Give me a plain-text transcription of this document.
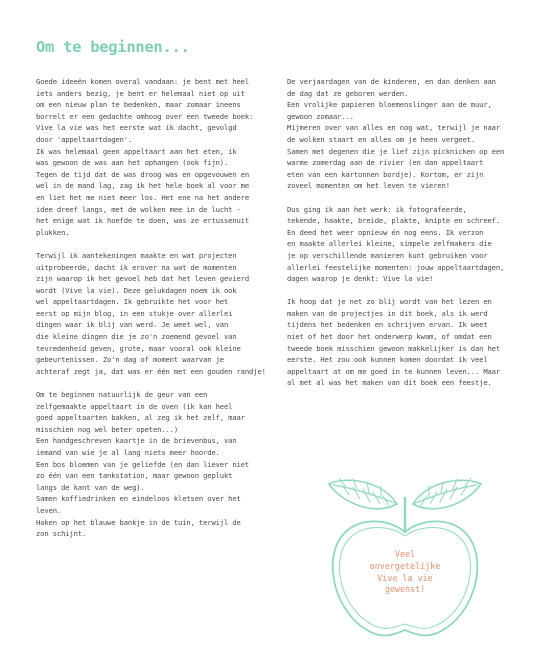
Om te beginnen...
Goede ideeën komen overal vandaan: je bent met heel
iets anders bezig, je bent er helemaal niet op uit
om een nieuw plan te bedenken, maar zomaar ineens
borrelt er een gedachte omhoog over een tweede boek:
Vive la vie was het eerste wat ik dacht, gevolgd
door 'appeltaartdagen'.
Ik was helemaal geen appeltaart aan het eten, ik
was gewoon de was aan het ophangen (ook fijn).
Tegen de tijd dat de was droog was en opgevouwen en
wel in de mand lag, zag ik het hele boek al voor me
en liet het me niet meer los. Het ene na het andere
idee dreef langs, met de wolken mee in de lucht -
het enige wat ik hoefde te doen, was ze ertussenuit
plukken.
Terwijl ik aantekeningen maakte en wat projecten
uitprobeerde, dacht ik erover na wat de momenten
zijn waarop ik het gevoel heb dat het leven gevierd
wordt (Vive la vie). Deze gelukdagen noem ik ook
wel appeltaartdagen. Ik gebruikte het voor het
eerst op mijn blog, in een stukje over allerlei
dingen waar ik blij van werd. Je weet wel, van
die kleine dingen die je zo'n zoemend gevoel van
tevredenheid geven, grote, maar vooral ook kleine
gebeurtenissen. Zo'n dag of moment waarvan je
achteraf zegt ja, dat was er één met een gouden randje!
Om te beginnen natuurlijk de geur van een
zelfgemaakte appeltaart in de oven (ik kan heel
goed appeltaarten bakken, al zeg ik het zelf, maar
misschien nog wel beter opeten...)
Een handgeschreven kaartje in de brievenbus, van
iemand van wie je al lang niets meer hoorde.
Een bos bloemen van je geliefde (en dan liever niet
zo één van een tankstation, maar gewoon geplukt
langs de kant van de weg).
Samen koffiedrinken en eindeloos kletsen over het
leven.
Haken op het blauwe bankje in de tuin, terwijl de
zon schijnt.
De verjaardagen van de kinderen, en dan denken aan
de dag dat ze geboren werden.
Een vrolijke papieren bloemenslinger aan de muur,
gewoon zomaar...
Mijmeren over van alles en nog wat, terwijl je naar
de wolken staart en alles om je heen vergeet.
Samen met degenen die je lief zijn picknicken op een
warme zomerdag aan de rivier (en dan appeltaart
eten van een kartonnen bordje). Kortom, er zijn
zoveel momenten om het leven te vieren!
Dus ging ik aan het werk: ik fotografeerde,
tekende, haakte, breide, plakte, knipte en schreef.
En deed het weer opnieuw én nog eens. Ik verzon
en maakte allerlei kleine, simpele zelfmakers die
je op verschillende manieren kunt gebruiken voor
allerlei feestelijke momenten: jouw appeltaartdagen,
dagen waarop je denkt: Vive la vie!
Ik hoop dat je net zo blij wordt van het lezen en
maken van de projectjes in dit boek, als ik werd
tijdens het bedenken en schrijven ervan. Ik weet
niet of het door het onderwerp kwam, of omdat een
tweede boek misschien gewoon makkelijker is dan het
eerste. Het zou ook kunnen komen doordat ik veel
appeltaart at om me goed in te kunnen leven... Maar
al met al was het maken van dit boek een feestje.
Veel
onvergetelijke
Vive la vie
gewenst!
